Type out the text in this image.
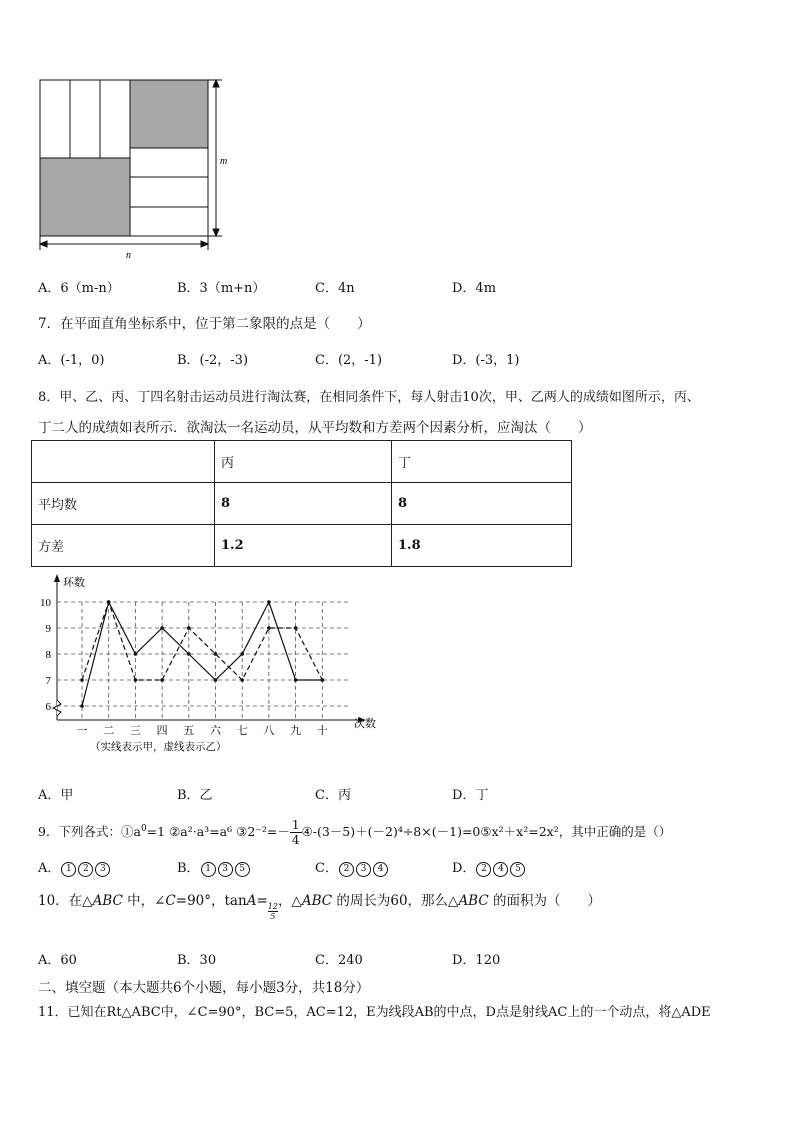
m
n
A．6（m-n）	B．3（m+n）	C．4n	D．4m
7．在平面直角坐标系中，位于第二象限的点是（　　）
A．(-1，0)	B．(-2，-3)	C．(2，-1)	D．(-3，1)
8．甲、乙、丙、丁四名射击运动员进行淘汰赛，在相同条件下，每人射击10次，甲、乙两人的成绩如图所示，丙、
丁二人的成绩如表所示．欲淘汰一名运动员，从平均数和方差两个因素分析，应淘汰（　　）
	丙	丁
平均数	8	8
方差	1.2	1.8
6
7
8
9
10
一 二 三 四 五 六 七 八 九 十
环数
次数
（实线表示甲，虚线表示乙）
A．甲	B．乙	C．丙	D．丁
9．下列各式：$①a^0=1$ ②a²·a³=a⁶ ③2⁻²=－ $\frac{1}{4}$ ④-(3－5)＋(－2)⁴÷8×(－1)=0⑤x²＋x²=2x²，其中正确的是（）
A． 1 2 3	B． 1 3 5	C． 2 3 4	D． 2 4 5
10．在△ABC 中，∠C=90°，tanA=
$\frac{12}{5}$
，△ABC 的周长为60，那么△ABC 的面积为（　　）
A．60	B．30	C．240	D．120
二、填空题（本大题共6个小题，每小题3分，共18分）
11．已知在Rt△ABC中，∠C=90°，BC=5，AC=12，E为线段AB的中点，D点是射线AC上的一个动点，将△ADE
